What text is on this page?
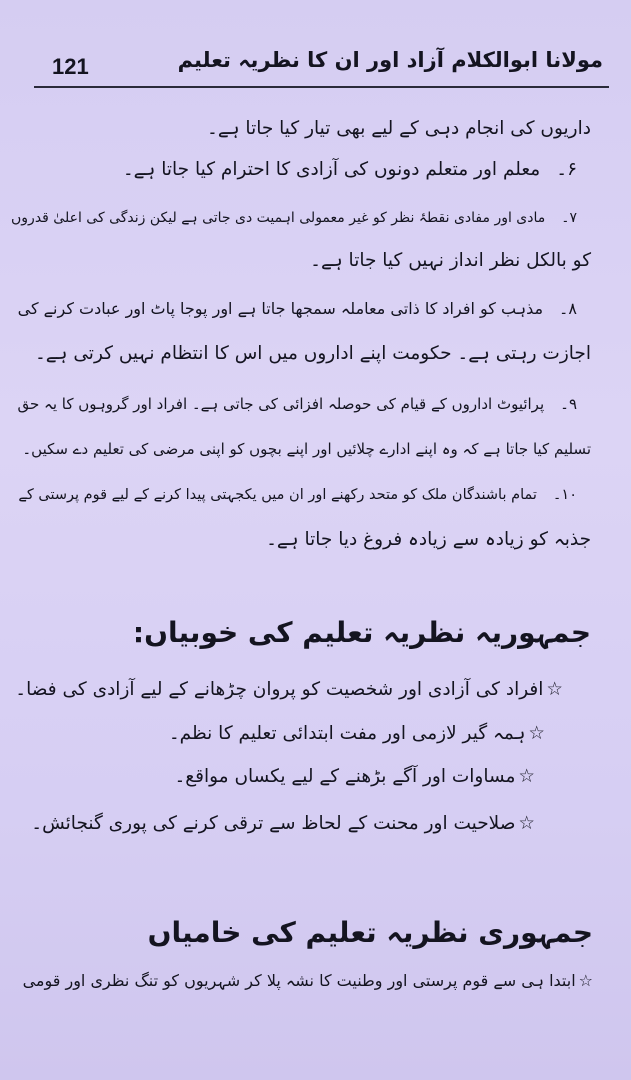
121	مولانا ابوالکلام آزاد اور ان کا نظریہ تعلیم
داریوں کی انجام دہی کے لیے بھی تیار کیا جاتا ہے۔
۶۔معلم اور متعلم دونوں کی آزادی کا احترام کیا جاتا ہے۔
۷۔مادی اور مفادی نقطۂ نظر کو غیر معمولی اہمیت دی جاتی ہے لیکن زندگی کی اعلیٰ قدروں
کو بالکل نظر انداز نہیں کیا جاتا ہے۔
۸۔مذہب کو افراد کا ذاتی معاملہ سمجھا جاتا ہے اور پوجا پاٹ اور عبادت کرنے کی
اجازت رہتی ہے۔ حکومت اپنے اداروں میں اس کا انتظام نہیں کرتی ہے۔
۹۔پرائیوٹ اداروں کے قیام کی حوصلہ افزائی کی جاتی ہے۔ افراد اور گروہوں کا یہ حق
تسلیم کیا جاتا ہے کہ وہ اپنے ادارے چلائیں اور اپنے بچوں کو اپنی مرضی کی تعلیم دے سکیں۔
۱۰۔تمام باشندگان ملک کو متحد رکھنے اور ان میں یکجہتی پیدا کرنے کے لیے قوم پرستی کے
جذبہ کو زیادہ سے زیادہ فروغ دیا جاتا ہے۔
جمہوریہ نظریہ تعلیم کی خوبیاں:
☆افراد کی آزادی اور شخصیت کو پروان چڑھانے کے لیے آزادی کی فضا۔
☆ہمہ گیر لازمی اور مفت ابتدائی تعلیم کا نظم۔
☆مساوات اور آگے بڑھنے کے لیے یکساں مواقع۔
☆صلاحیت اور محنت کے لحاظ سے ترقی کرنے کی پوری گنجائش۔
جمہوری نظریہ تعلیم کی خامیاں
☆ابتدا ہی سے قوم پرستی اور وطنیت کا نشہ پلا کر شہریوں کو تنگ نظری اور قومی
